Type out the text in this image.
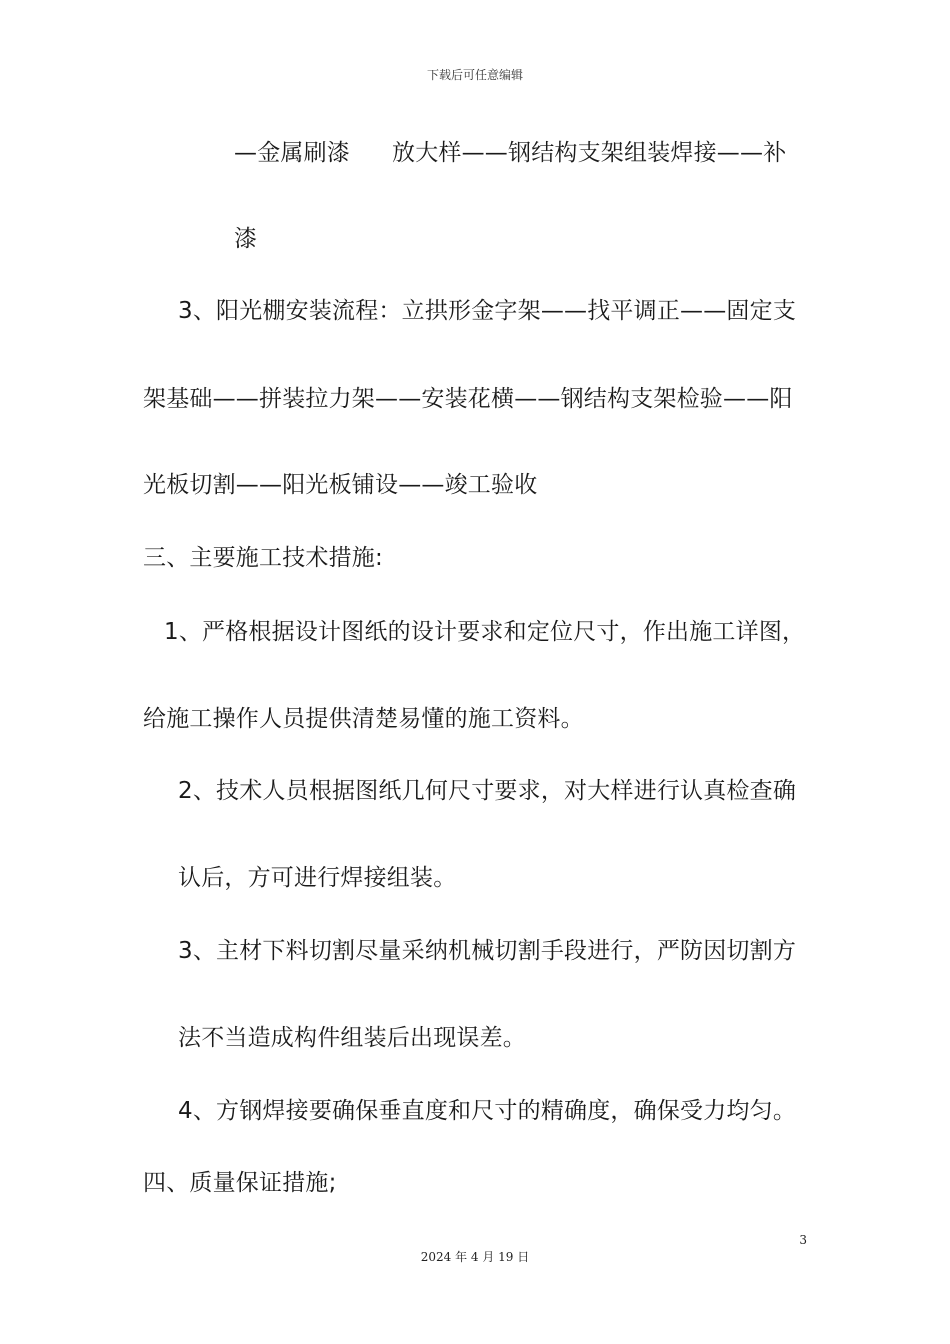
下载后可任意编辑
—金属刷漆 放大样——钢结构支架组装焊接——补
漆
3、阳光棚安装流程：立拱形金字架——找平调正——固定支
架基础——拼装拉力架——安装花横——钢结构支架检验——阳
光板切割——阳光板铺设——竣工验收
三、主要施工技术措施:
1、严格根据设计图纸的设计要求和定位尺寸，作出施工详图，
给施工操作人员提供清楚易懂的施工资料。
2、技术人员根据图纸几何尺寸要求，对大样进行认真检查确
认后，方可进行焊接组装。
3、主材下料切割尽量采纳机械切割手段进行，严防因切割方
法不当造成构件组装后出现误差。
4、方钢焊接要确保垂直度和尺寸的精确度，确保受力均匀。
四、质量保证措施;
3
2024 年 4 月 19 日
